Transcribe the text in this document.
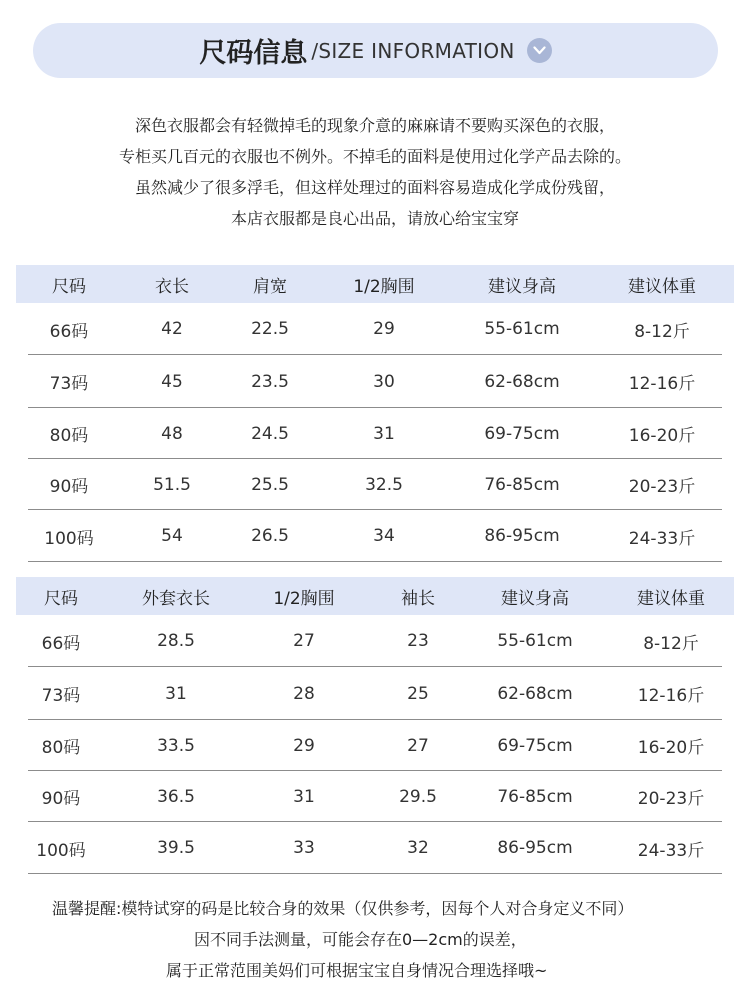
尺码信息 /SIZE INFORMATION
深色衣服都会有轻微掉毛的现象介意的麻麻请不要购买深色的衣服，
专柜买几百元的衣服也不例外。不掉毛的面料是使用过化学产品去除的。
虽然减少了很多浮毛，但这样处理过的面料容易造成化学成份残留，
本店衣服都是良心出品，请放心给宝宝穿
尺码	衣长	肩宽	1/2胸围	建议身高	建议体重
66码	42	22.5	29	55-61cm	8-12斤
73码	45	23.5	30	62-68cm	12-16斤
80码	48	24.5	31	69-75cm	16-20斤
90码	51.5	25.5	32.5	76-85cm	20-23斤
100码	54	26.5	34	86-95cm	24-33斤
尺码	外套衣长	1/2胸围	袖长	建议身高	建议体重
66码	28.5	27	23	55-61cm	8-12斤
73码	31	28	25	62-68cm	12-16斤
80码	33.5	29	27	69-75cm	16-20斤
90码	36.5	31	29.5	76-85cm	20-23斤
100码	39.5	33	32	86-95cm	24-33斤
温馨提醒:模特试穿的码是比较合身的效果（仅供参考，因每个人对合身定义不同）
因不同手法测量，可能会存在0—2cm的误差，
属于正常范围美妈们可根据宝宝自身情况合理选择哦~
